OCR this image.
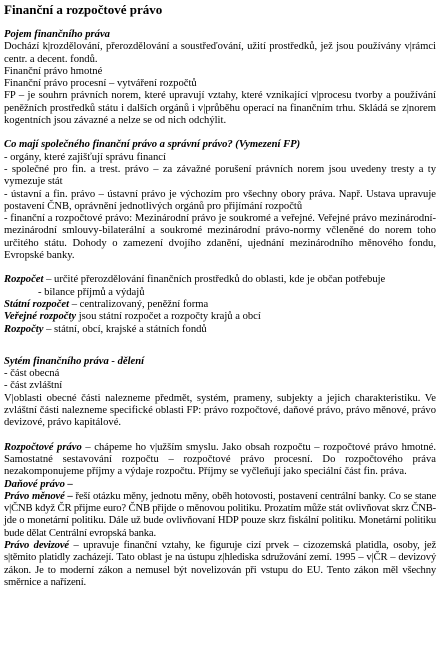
Finanční a rozpočtové právo

Pojem finančního práva

Dochází k|rozdělování, přerozdělování a soustřeďování, užití prostředků, jež jsou používány v|rámci centr. a decent. fondů.

Finanční právo hmotné

Finanční právo procesní – vytváření rozpočtů

FP – je souhrn právních norem, které upravují vztahy, které vznikající v|procesu tvorby a používání peněžních prostředků státu i dalších orgánů i v|průběhu operací na finančním trhu. Skládá se z|norem kogentních jsou závazné a nelze se od nich odchýlit.

Co mají společného finanční právo a správní právo? (Vymezení FP)

- orgány, které zajišťují správu financí

- společné pro fin. a trest. právo – za závažné porušení právních norem jsou uvedeny tresty a ty vymezuje stát

- ústavní a fin. právo – ústavní právo je výchozím pro všechny obory práva. Např. Ustava upravuje postavení ČNB, oprávnění jednotlivých orgánů pro přijímání rozpočtů

- finanční a rozpočtové právo: Mezinárodní právo je soukromé a veřejné. Veřejné právo mezinárodní-mezinárodní smlouvy-bilaterální a soukromé mezinárodní právo-normy včleněné do norem toho určitého státu. Dohody o zamezení dvojího zdanění, ujednání mezinárodního měnového fondu, Evropské banky.

Rozpočet – určité přerozdělování finančních prostředků do oblasti, kde je občan potřebuje

- bilance příjmů a výdajů

Státní rozpočet – centralizovaný, peněžní forma

Veřejné rozpočty jsou státní rozpočet a rozpočty krajů a obcí

Rozpočty – státní, obcí, krajské a státních fondů

Sytém finančního práva - dělení

- část obecná

- část zvláštní

V|oblasti obecné části nalezneme předmět, systém, prameny, subjekty a jejich charakteristiku. Ve zvláštní části nalezneme specifické oblasti FP: právo rozpočtové, daňové právo, právo měnové, právo devizové, právo kapitálové.

Rozpočtové právo – chápeme ho v|užším smyslu. Jako obsah rozpočtu – rozpočtové právo hmotné. Samostatné sestavování rozpočtu – rozpočtové právo procesní. Do rozpočtového práva nezakomponujeme příjmy a výdaje rozpočtu. Příjmy se vyčleňují jako speciální část fin. práva.

Daňové právo –

Právo měnové – řeší otázku měny, jednotu měny, oběh hotovosti, postavení centrální banky. Co se stane v|ČNB když ČR přijme euro? ČNB přijde o měnovou politiku. Prozatím může stát ovlivňovat skrz ČNB-jde o monetární politiku. Dále už bude ovlivňovaní HDP pouze skrz fiskální politiku. Monetární politiku bude dělat Centrální evropská banka.

Právo devizové – upravuje finanční vztahy, ke figuruje cizí prvek – cizozemská platidla, osoby, jež s|těmito platidly zacházejí. Tato oblast je na ústupu z|hlediska sdružování zemí. 1995 – v|ČR – devizový zákon. Je to moderní zákon a nemusel být novelizován při vstupu do EU. Tento zákon měl všechny směrnice a nařízení.
